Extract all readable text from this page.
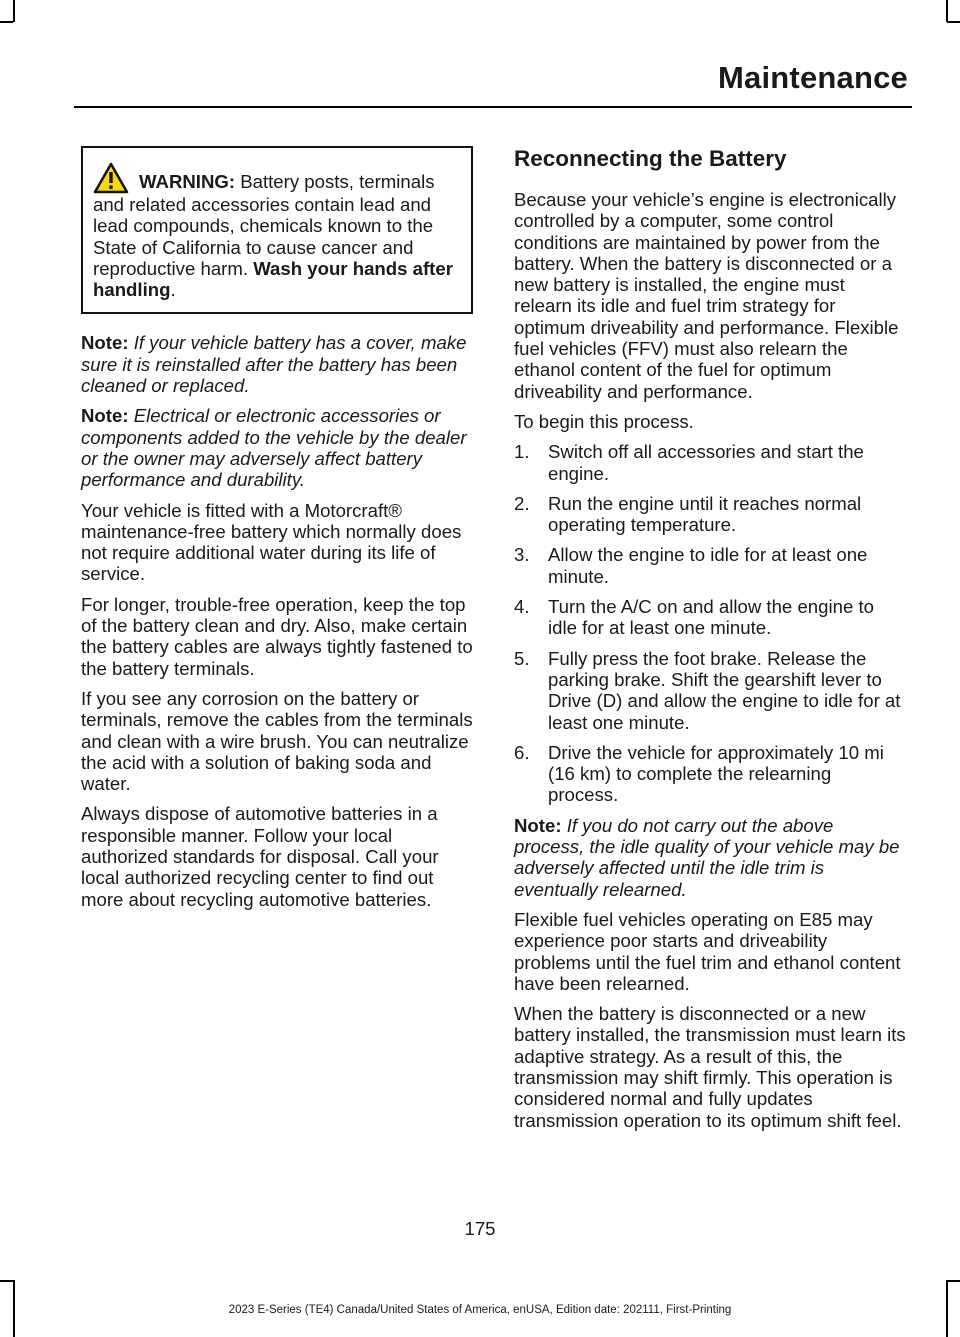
Maintenance
WARNING: Battery posts, terminals and related accessories contain lead and lead compounds, chemicals known to the State of California to cause cancer and reproductive harm. Wash your hands after handling.

Note: If your vehicle battery has a cover, make sure it is reinstalled after the battery has been cleaned or replaced.

Note: Electrical or electronic accessories or components added to the vehicle by the dealer or the owner may adversely affect battery performance and durability.

Your vehicle is fitted with a Motorcraft® maintenance-free battery which normally does not require additional water during its life of service.

For longer, trouble-free operation, keep the top of the battery clean and dry. Also, make certain the battery cables are always tightly fastened to the battery terminals.

If you see any corrosion on the battery or terminals, remove the cables from the terminals and clean with a wire brush. You can neutralize the acid with a solution of baking soda and water.

Always dispose of automotive batteries in a responsible manner. Follow your local authorized standards for disposal. Call your local authorized recycling center to find out more about recycling automotive batteries.

Reconnecting the Battery

Because your vehicle’s engine is electronically controlled by a computer, some control conditions are maintained by power from the battery. When the battery is disconnected or a new battery is installed, the engine must relearn its idle and fuel trim strategy for optimum driveability and performance. Flexible fuel vehicles (FFV) must also relearn the ethanol content of the fuel for optimum driveability and performance.

To begin this process.

1. Switch off all accessories and start the engine.
2. Run the engine until it reaches normal operating temperature.
3. Allow the engine to idle for at least one minute.
4. Turn the A/C on and allow the engine to idle for at least one minute.
5. Fully press the foot brake. Release the parking brake. Shift the gearshift lever to Drive (D) and allow the engine to idle for at least one minute.
6. Drive the vehicle for approximately 10 mi (16 km) to complete the relearning process.

Note: If you do not carry out the above process, the idle quality of your vehicle may be adversely affected until the idle trim is eventually relearned.

Flexible fuel vehicles operating on E85 may experience poor starts and driveability problems until the fuel trim and ethanol content have been relearned.

When the battery is disconnected or a new battery installed, the transmission must learn its adaptive strategy. As a result of this, the transmission may shift firmly. This operation is considered normal and fully updates transmission operation to its optimum shift feel.

175
2023 E-Series (TE4) Canada/United States of America, enUSA, Edition date: 202111, First-Printing
